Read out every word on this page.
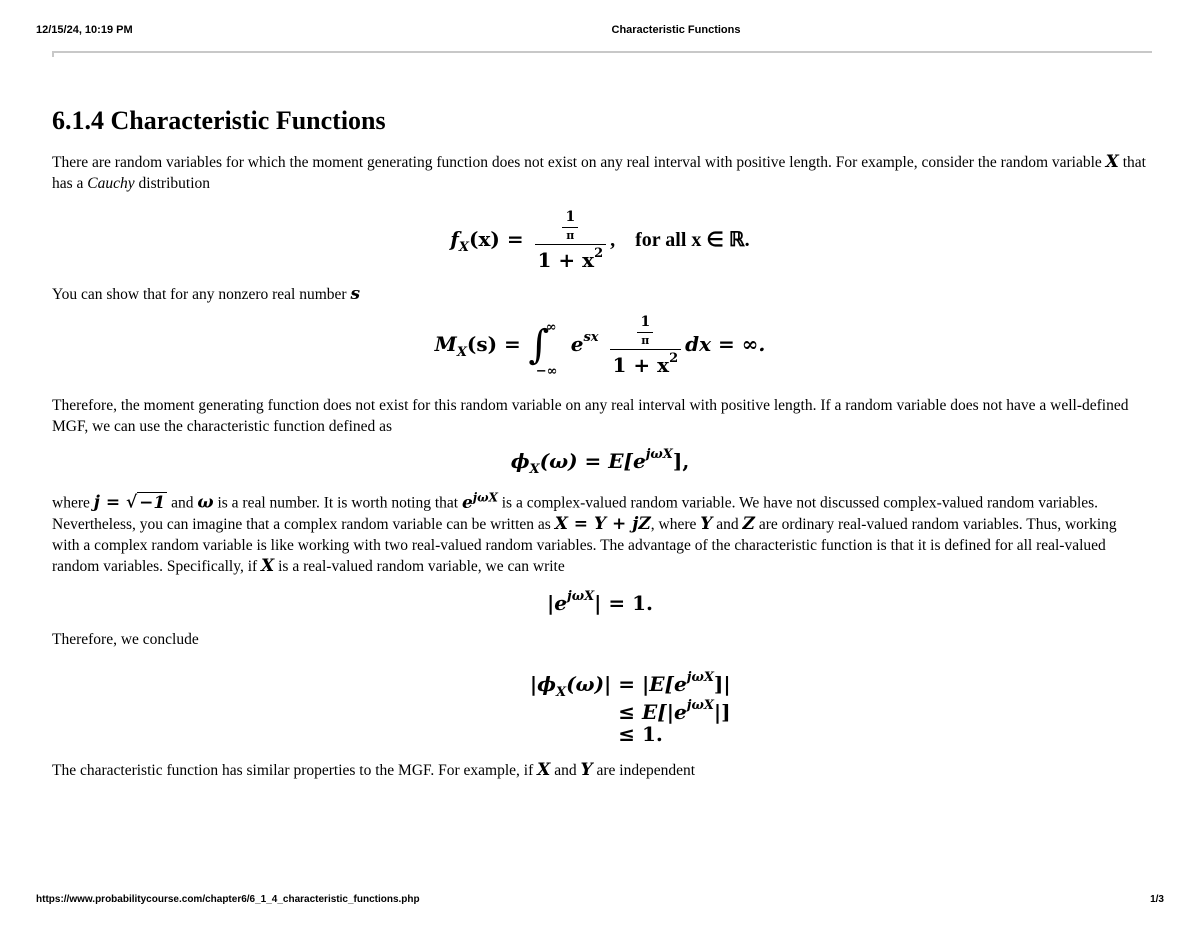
12/15/24, 10:19 PM	Characteristic Functions
6.1.4 Characteristic Functions

There are random variables for which the moment generating function does not exist on any real interval with positive length. For example, consider the random variable X that has a Cauchy distribution

$f_X(x) = \frac{\frac{1}{\pi}}{1 + x^2}$ ,    for all x ∈ ℝ.

You can show that for any nonzero real number s

$M_X(s)$ = ∫
∞
−∞
$e^{sx} \frac{\frac{1}{\pi}}{1 + x^2}$ dx = ∞.

Therefore, the moment generating function does not exist for this random variable on any real interval with positive length. If a random variable does not have a well-defined MGF, we can use the characteristic function defined as

$\phi_X(\omega) = E[e^{j\omega X}]$,

where j = √ −1 and ω is a real number. It is worth noting that $e^{j\omega X}$ is a complex-valued random variable. We have not discussed complex-valued random variables. Nevertheless, you can imagine that a complex random variable can be written as X = Y + jZ, where Y and Z are ordinary real-valued random variables. Thus, working with a complex random variable is like working with two real-valued random variables. The advantage of the characteristic function is that it is defined for all real-valued random variables. Specifically, if X is a real-valued random variable, we can write

$|e^{j\omega X}| = 1$.

Therefore, we conclude

$|\phi_X(\omega)| = |E[e^{j\omega X}]|$
≤ $E[|e^{j\omega X}|]$
≤ 1.

The characteristic function has similar properties to the MGF. For example, if X and Y are independent

https://www.probabilitycourse.com/chapter6/6_1_4_characteristic_functions.php	1/3
